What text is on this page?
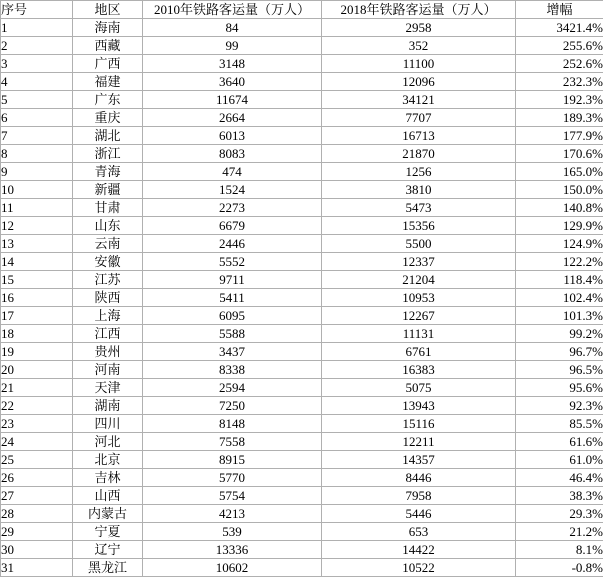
序号	地区	2010年铁路客运量（万人）	2018年铁路客运量（万人）	增幅
1	海南	84	2958	3421.4%
2	西藏	99	352	255.6%
3	广西	3148	11100	252.6%
4	福建	3640	12096	232.3%
5	广东	11674	34121	192.3%
6	重庆	2664	7707	189.3%
7	湖北	6013	16713	177.9%
8	浙江	8083	21870	170.6%
9	青海	474	1256	165.0%
10	新疆	1524	3810	150.0%
11	甘肃	2273	5473	140.8%
12	山东	6679	15356	129.9%
13	云南	2446	5500	124.9%
14	安徽	5552	12337	122.2%
15	江苏	9711	21204	118.4%
16	陕西	5411	10953	102.4%
17	上海	6095	12267	101.3%
18	江西	5588	11131	99.2%
19	贵州	3437	6761	96.7%
20	河南	8338	16383	96.5%
21	天津	2594	5075	95.6%
22	湖南	7250	13943	92.3%
23	四川	8148	15116	85.5%
24	河北	7558	12211	61.6%
25	北京	8915	14357	61.0%
26	吉林	5770	8446	46.4%
27	山西	5754	7958	38.3%
28	内蒙古	4213	5446	29.3%
29	宁夏	539	653	21.2%
30	辽宁	13336	14422	8.1%
31	黑龙江	10602	10522	-0.8%
